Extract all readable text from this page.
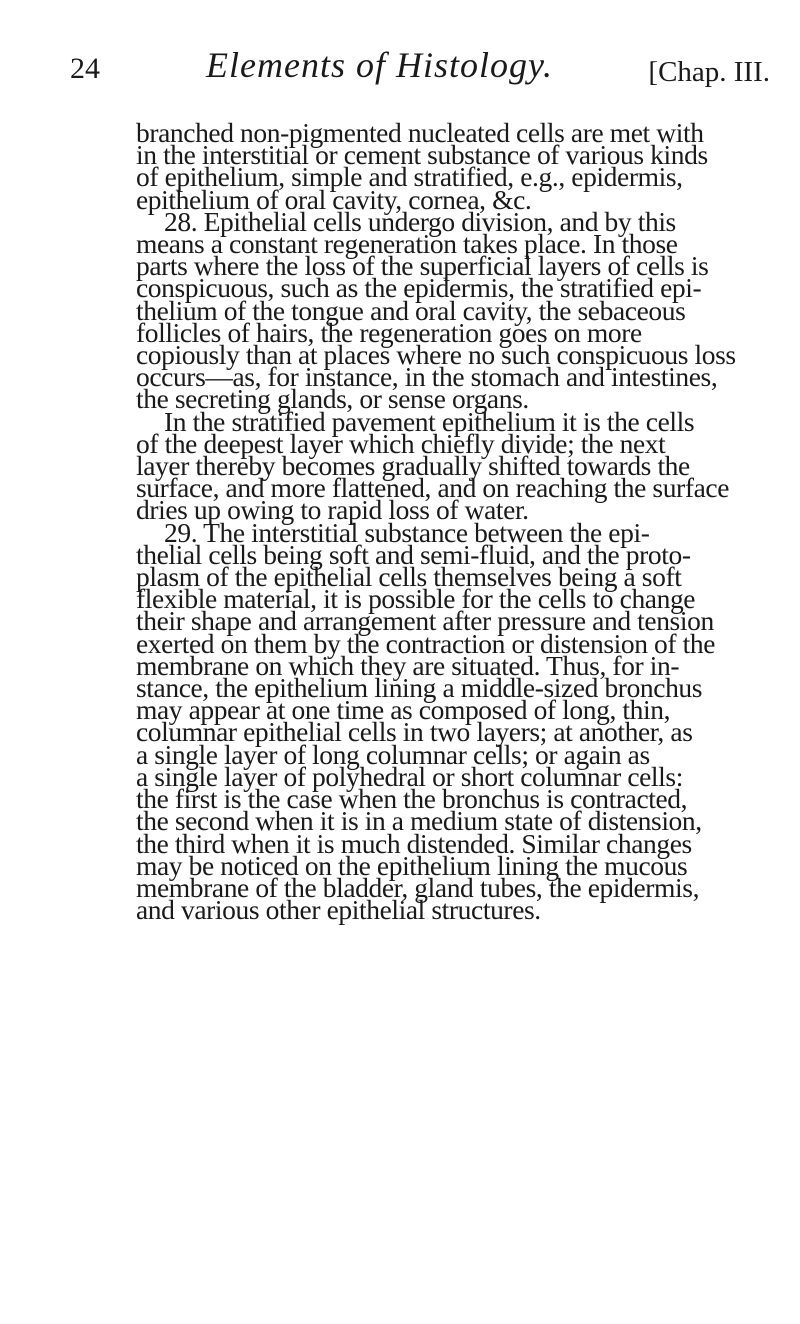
24	Elements of Histology.	[Chap. III.

branched non-pigmented nucleated cells are met with
in the interstitial or cement substance of various kinds
of epithelium, simple and stratified, e.g., epidermis,
epithelium of oral cavity, cornea, &c.

28. Epithelial cells undergo division, and by this
means a constant regeneration takes place. In those
parts where the loss of the superficial layers of cells is
conspicuous, such as the epidermis, the stratified epi-
thelium of the tongue and oral cavity, the sebaceous
follicles of hairs, the regeneration goes on more
copiously than at places where no such conspicuous loss
occurs—as, for instance, in the stomach and intestines,
the secreting glands, or sense organs.

In the stratified pavement epithelium it is the cells
of the deepest layer which chiefly divide; the next
layer thereby becomes gradually shifted towards the
surface, and more flattened, and on reaching the surface
dries up owing to rapid loss of water.

29. The interstitial substance between the epi-
thelial cells being soft and semi-fluid, and the proto-
plasm of the epithelial cells themselves being a soft
flexible material, it is possible for the cells to change
their shape and arrangement after pressure and tension
exerted on them by the contraction or distension of the
membrane on which they are situated. Thus, for in-
stance, the epithelium lining a middle-sized bronchus
may appear at one time as composed of long, thin,
columnar epithelial cells in two layers; at another, as
a single layer of long columnar cells; or again as
a single layer of polyhedral or short columnar cells:
the first is the case when the bronchus is contracted,
the second when it is in a medium state of distension,
the third when it is much distended. Similar changes
may be noticed on the epithelium lining the mucous
membrane of the bladder, gland tubes, the epidermis,
and various other epithelial structures.
